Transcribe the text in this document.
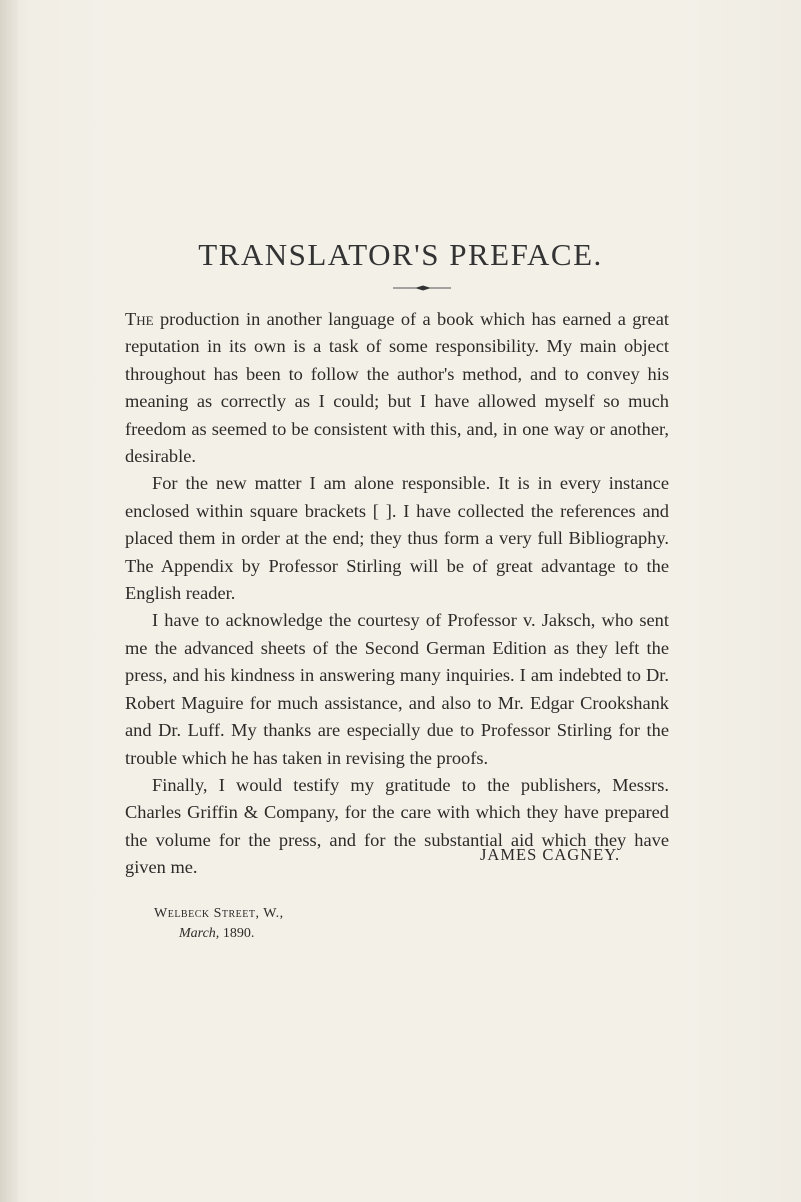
TRANSLATOR'S PREFACE.

The production in another language of a book which has earned a great reputation in its own is a task of some responsibility. My main object throughout has been to follow the author's method, and to convey his meaning as correctly as I could; but I have allowed myself so much freedom as seemed to be consistent with this, and, in one way or another, desirable.

For the new matter I am alone responsible. It is in every instance enclosed within square brackets [ ]. I have collected the references and placed them in order at the end; they thus form a very full Bibliography. The Appendix by Professor Stirling will be of great advantage to the English reader.

I have to acknowledge the courtesy of Professor v. Jaksch, who sent me the advanced sheets of the Second German Edition as they left the press, and his kindness in answering many inquiries. I am indebted to Dr. Robert Maguire for much assistance, and also to Mr. Edgar Crookshank and Dr. Luff. My thanks are especially due to Professor Stirling for the trouble which he has taken in revising the proofs.

Finally, I would testify my gratitude to the publishers, Messrs. Charles Griffin & Company, for the care with which they have prepared the volume for the press, and for the substantial aid which they have given me.

JAMES CAGNEY.
Welbeck Street, W.,
March, 1890.
